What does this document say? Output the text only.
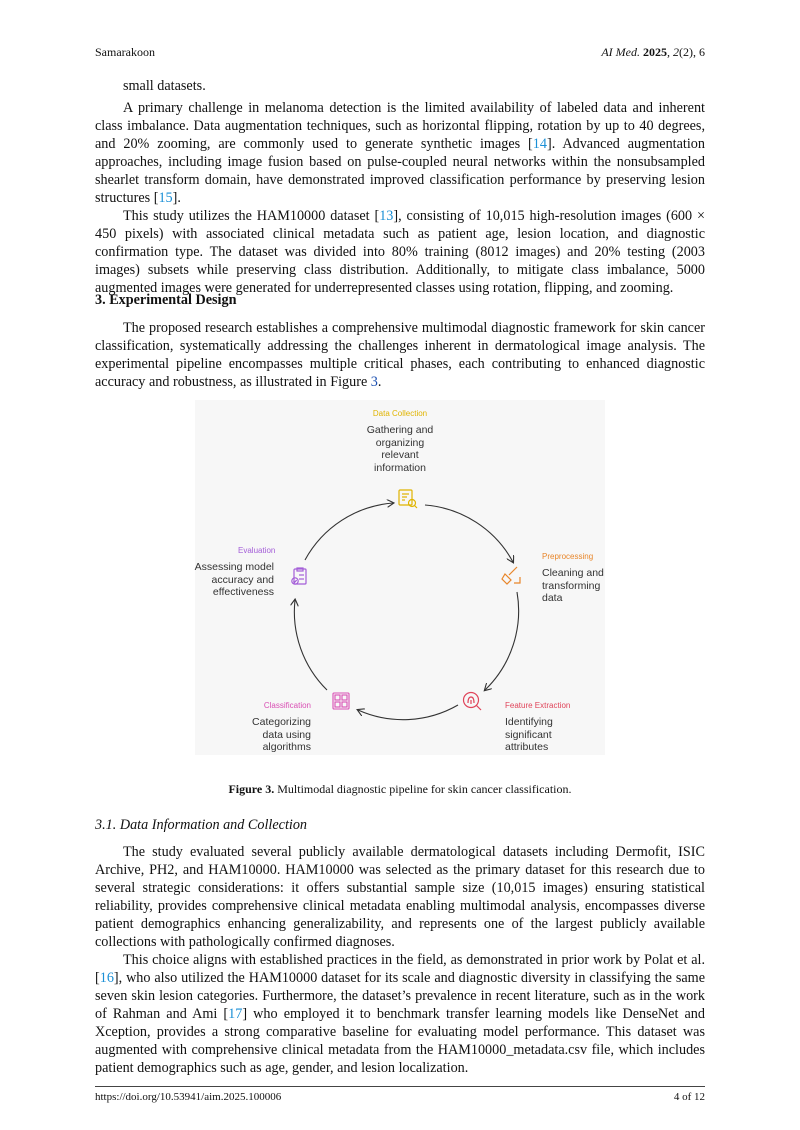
Samarakoon	AI Med. 2025, 2(2), 6

small datasets.

A primary challenge in melanoma detection is the limited availability of labeled data and inherent class imbalance. Data augmentation techniques, such as horizontal flipping, rotation by up to 40 degrees, and 20% zooming, are commonly used to generate synthetic images [14]. Advanced augmentation approaches, including image fusion based on pulse-coupled neural networks within the nonsubsampled shearlet transform domain, have demonstrated improved classification performance by preserving lesion structures [15].

This study utilizes the HAM10000 dataset [13], consisting of 10,015 high-resolution images (600 × 450 pixels) with associated clinical metadata such as patient age, lesion location, and diagnostic confirmation type. The dataset was divided into 80% training (8012 images) and 20% testing (2003 images) subsets while preserving class distribution. Additionally, to mitigate class imbalance, 5000 augmented images were generated for underrepresented classes using rotation, flipping, and zooming.

3. Experimental Design

The proposed research establishes a comprehensive multimodal diagnostic framework for skin cancer classification, systematically addressing the challenges inherent in dermatological image analysis. The experimental pipeline encompasses multiple critical phases, each contributing to enhanced diagnostic accuracy and robustness, as illustrated in Figure 3.

Data Collection
Gathering and organizing relevant information
Preprocessing
Cleaning and transforming data
Feature Extraction
Identifying significant attributes
Classification
Categorizing data using algorithms
Evaluation
Assessing model accuracy and effectiveness
Figure 3. Multimodal diagnostic pipeline for skin cancer classification.
3.1. Data Information and Collection

The study evaluated several publicly available dermatological datasets including Dermofit, ISIC Archive, PH2, and HAM10000. HAM10000 was selected as the primary dataset for this research due to several strategic considerations: it offers substantial sample size (10,015 images) ensuring statistical reliability, provides comprehensive clinical metadata enabling multimodal analysis, encompasses diverse patient demographics enhancing generalizability, and represents one of the largest publicly available collections with pathologically confirmed diagnoses.

This choice aligns with established practices in the field, as demonstrated in prior work by Polat et al. [16], who also utilized the HAM10000 dataset for its scale and diagnostic diversity in classifying the same seven skin lesion categories. Furthermore, the dataset’s prevalence in recent literature, such as in the work of Rahman and Ami [17] who employed it to benchmark transfer learning models like DenseNet and Xception, provides a strong comparative baseline for evaluating model performance. This dataset was augmented with comprehensive clinical metadata from the HAM10000_metadata.csv file, which includes patient demographics such as age, gender, and lesion localization.

https://doi.org/10.53941/aim.2025.100006	4 of 12
